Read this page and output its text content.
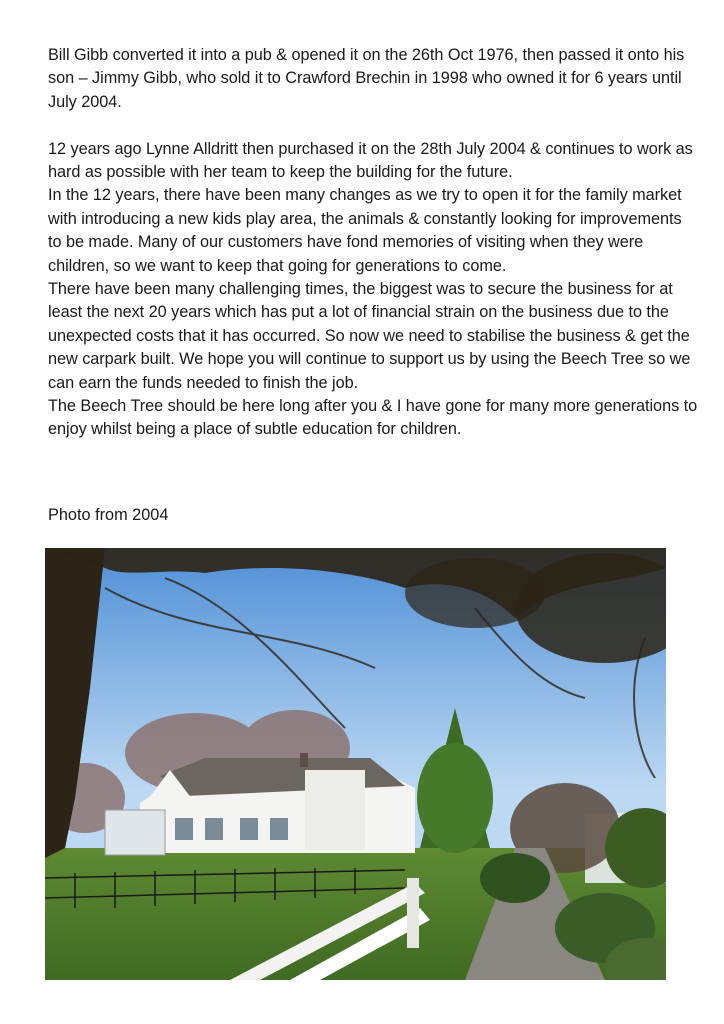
Bill Gibb converted it into a pub & opened it on the 26th Oct 1976, then passed it onto his son – Jimmy Gibb, who sold it to Crawford Brechin in 1998 who owned it for 6 years until July 2004.

12 years ago Lynne Alldritt then purchased it on the 28th July 2004 & continues to work as hard as possible with her team to keep the building for the future.

In the 12 years, there have been many changes as we try to open it for the family market with introducing a new kids play area, the animals & constantly looking for improvements to be made. Many of our customers have fond memories of visiting when they were children, so we want to keep that going for generations to come.

There have been many challenging times, the biggest was to secure the business for at least the next 20 years which has put a lot of financial strain on the business due to the unexpected costs that it has occurred. So now we need to stabilise the business & get the new carpark built. We hope you will continue to support us by using the Beech Tree so we can earn the funds needed to finish the job.

The Beech Tree should be here long after you & I have gone for many more generations to enjoy whilst being a place of subtle education for children.

Photo from 2004
